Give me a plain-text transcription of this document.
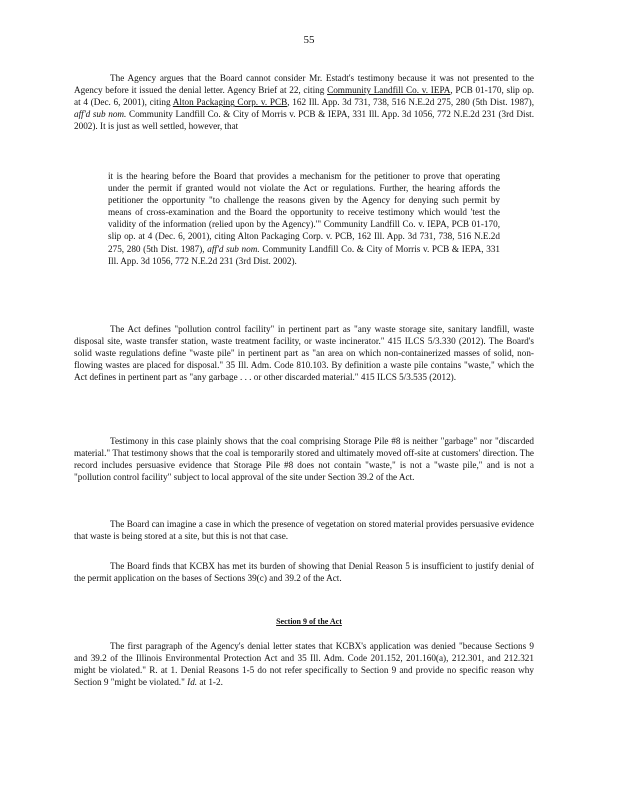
55

The Agency argues that the Board cannot consider Mr. Estadt's testimony because it was not presented to the Agency before it issued the denial letter. Agency Brief at 22, citing Community Landfill Co. v. IEPA, PCB 01-170, slip op. at 4 (Dec. 6, 2001), citing Alton Packaging Corp. v. PCB, 162 Ill. App. 3d 731, 738, 516 N.E.2d 275, 280 (5th Dist. 1987), aff'd sub nom. Community Landfill Co. & City of Morris v. PCB & IEPA, 331 Ill. App. 3d 1056, 772 N.E.2d 231 (3rd Dist. 2002). It is just as well settled, however, that

it is the hearing before the Board that provides a mechanism for the petitioner to prove that operating under the permit if granted would not violate the Act or regulations. Further, the hearing affords the petitioner the opportunity "to challenge the reasons given by the Agency for denying such permit by means of cross-examination and the Board the opportunity to receive testimony which would 'test the validity of the information (relied upon by the Agency).'" Community Landfill Co. v. IEPA, PCB 01-170, slip op. at 4 (Dec. 6, 2001), citing Alton Packaging Corp. v. PCB, 162 Ill. App. 3d 731, 738, 516 N.E.2d 275, 280 (5th Dist. 1987), aff'd sub nom. Community Landfill Co. & City of Morris v. PCB & IEPA, 331 Ill. App. 3d 1056, 772 N.E.2d 231 (3rd Dist. 2002).

The Act defines "pollution control facility" in pertinent part as "any waste storage site, sanitary landfill, waste disposal site, waste transfer station, waste treatment facility, or waste incinerator." 415 ILCS 5/3.330 (2012). The Board's solid waste regulations define "waste pile" in pertinent part as "an area on which non-containerized masses of solid, non-flowing wastes are placed for disposal." 35 Ill. Adm. Code 810.103. By definition a waste pile contains "waste," which the Act defines in pertinent part as "any garbage . . . or other discarded material." 415 ILCS 5/3.535 (2012).

Testimony in this case plainly shows that the coal comprising Storage Pile #8 is neither "garbage" nor "discarded material." That testimony shows that the coal is temporarily stored and ultimately moved off-site at customers' direction. The record includes persuasive evidence that Storage Pile #8 does not contain "waste," is not a "waste pile," and is not a "pollution control facility" subject to local approval of the site under Section 39.2 of the Act.

The Board can imagine a case in which the presence of vegetation on stored material provides persuasive evidence that waste is being stored at a site, but this is not that case.

The Board finds that KCBX has met its burden of showing that Denial Reason 5 is insufficient to justify denial of the permit application on the bases of Sections 39(c) and 39.2 of the Act.

Section 9 of the Act

The first paragraph of the Agency's denial letter states that KCBX's application was denied "because Sections 9 and 39.2 of the Illinois Environmental Protection Act and 35 Ill. Adm. Code 201.152, 201.160(a), 212.301, and 212.321 might be violated." R. at 1. Denial Reasons 1-5 do not refer specifically to Section 9 and provide no specific reason why Section 9 "might be violated." Id. at 1-2.
